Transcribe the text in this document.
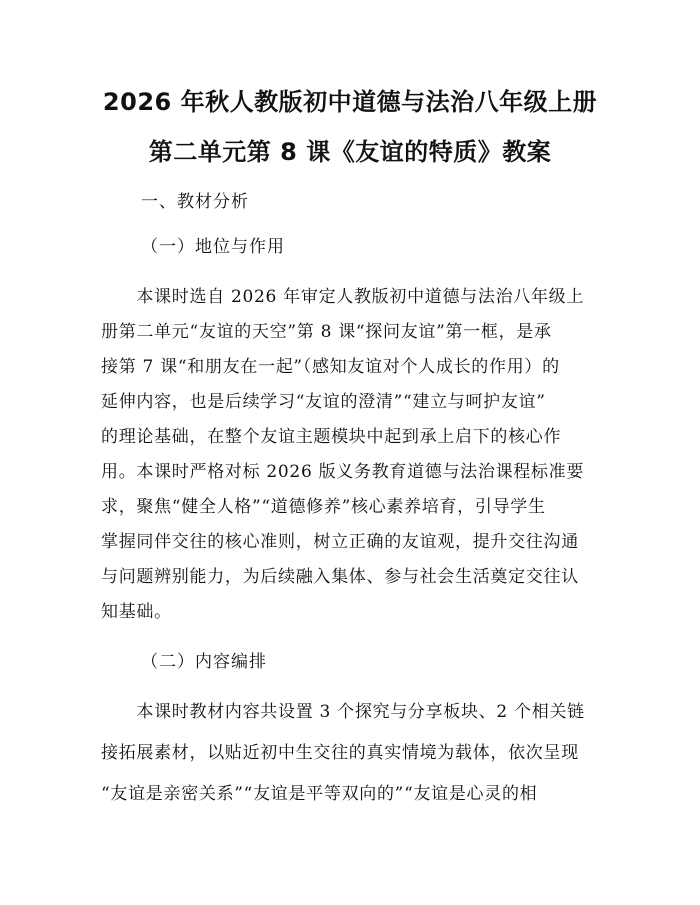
2026 年秋人教版初中道德与法治八年级上册
第二单元第 8 课《友谊的特质》教案
一、教材分析
（一）地位与作用
　　本课时选自 2026 年审定人教版初中道德与法治八年级上
册第二单元“友谊的天空”第 8 课“探问友谊”第一框，是承
接第 7 课“和朋友在一起”（感知友谊对个人成长的作用）的
延伸内容，也是后续学习“友谊的澄清”“建立与呵护友谊”
的理论基础，在整个友谊主题模块中起到承上启下的核心作
用。本课时严格对标 2026 版义务教育道德与法治课程标准要
求，聚焦“健全人格”“道德修养”核心素养培育，引导学生
掌握同伴交往的核心准则，树立正确的友谊观，提升交往沟通
与问题辨别能力，为后续融入集体、参与社会生活奠定交往认
知基础。
（二）内容编排
　　本课时教材内容共设置 3 个探究与分享板块、2 个相关链
接拓展素材，以贴近初中生交往的真实情境为载体，依次呈现
“友谊是亲密关系”“友谊是平等双向的”“友谊是心灵的相
